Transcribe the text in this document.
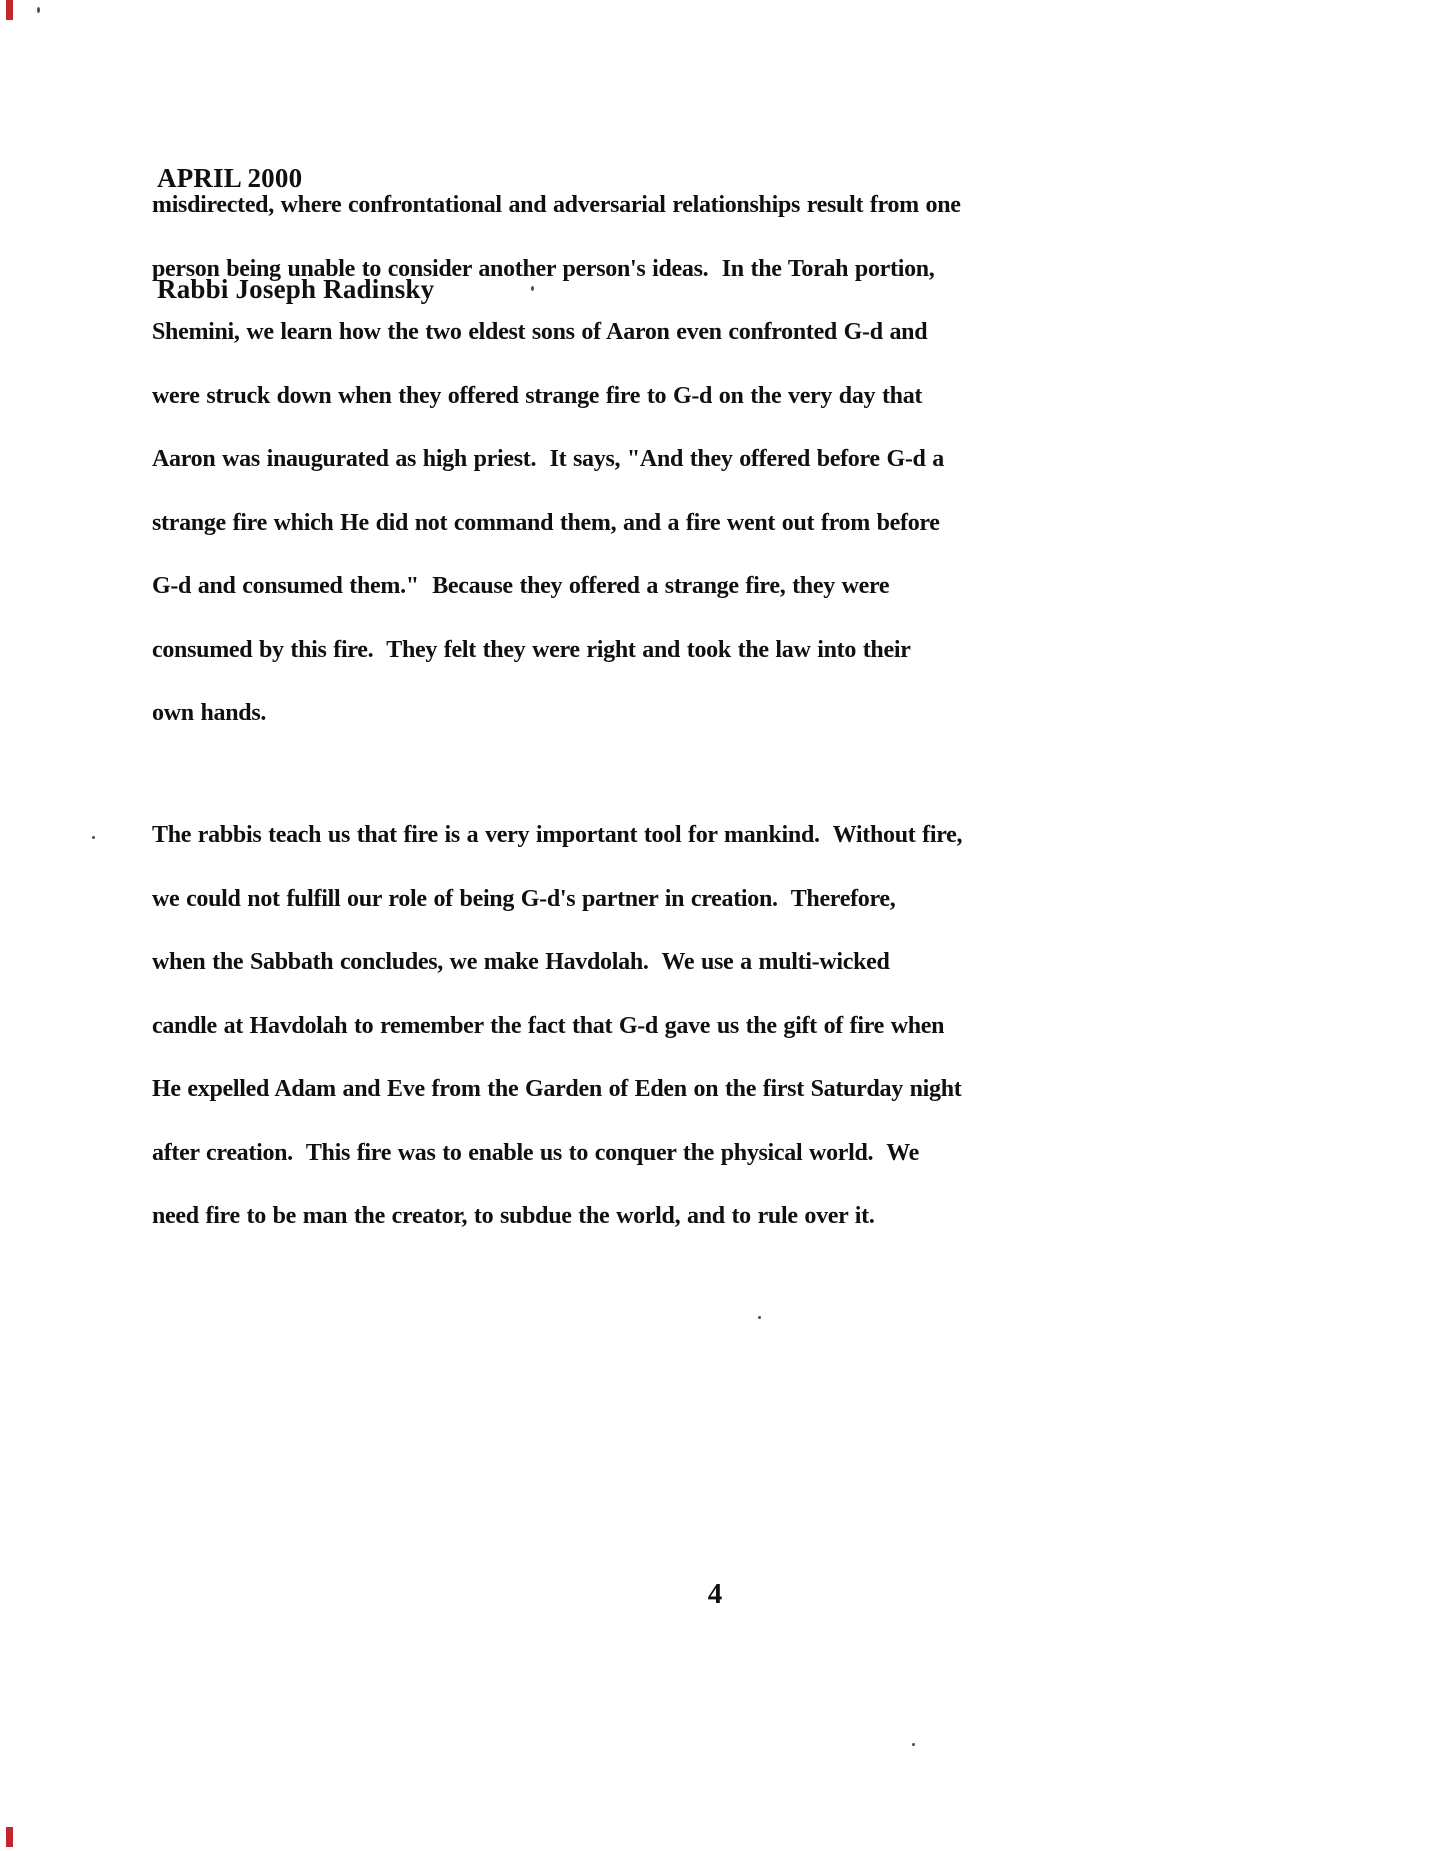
APRIL 2000

Rabbi Joseph Radinsky

misdirected, where confrontational and adversarial relationships result from one
person being unable to consider another person's ideas.  In the Torah portion,
Shemini, we learn how the two eldest sons of Aaron even confronted G-d and
were struck down when they offered strange fire to G-d on the very day that
Aaron was inaugurated as high priest.  It says, "And they offered before G-d a
strange fire which He did not command them, and a fire went out from before
G-d and consumed them."  Because they offered a strange fire, they were
consumed by this fire.  They felt they were right and took the law into their
own hands.
The rabbis teach us that fire is a very important tool for mankind.  Without fire,
we could not fulfill our role of being G-d's partner in creation.  Therefore,
when the Sabbath concludes, we make Havdolah.  We use a multi-wicked
candle at Havdolah to remember the fact that G-d gave us the gift of fire when
He expelled Adam and Eve from the Garden of Eden on the first Saturday night
after creation.  This fire was to enable us to conquer the physical world.  We
need fire to be man the creator, to subdue the world, and to rule over it.
4
